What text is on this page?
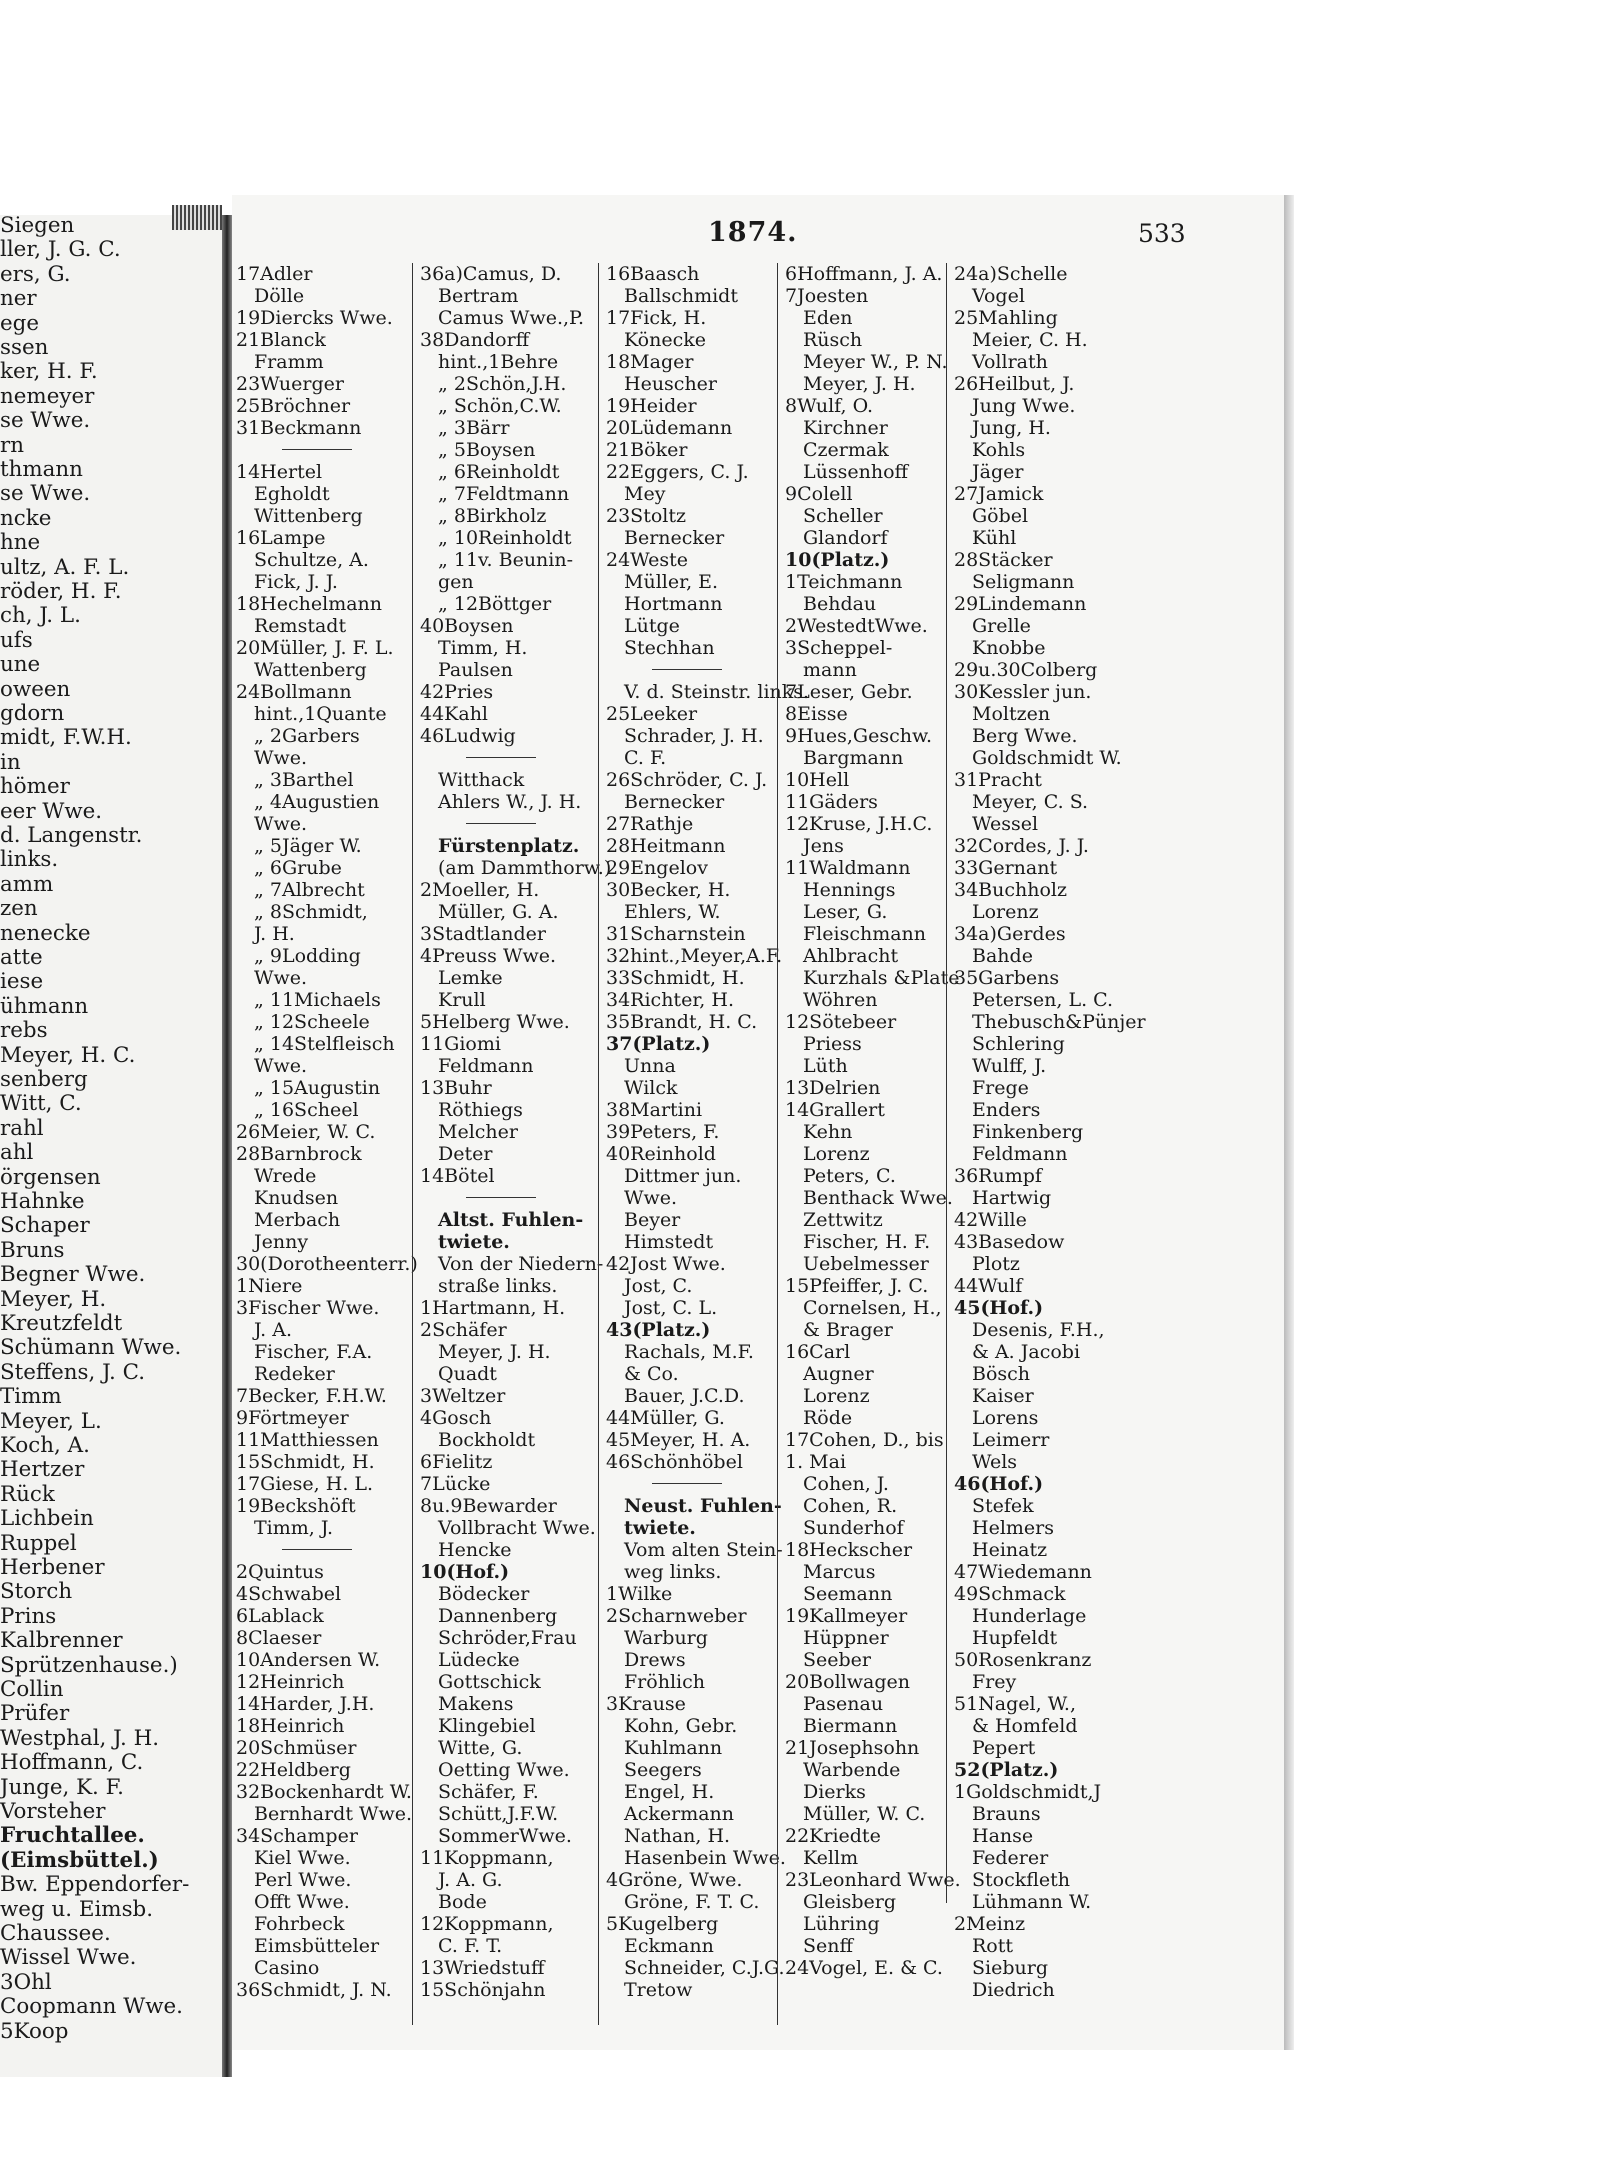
Siegen
ller, J. G. C.
ers, G.
ner
ege
ssen
ker, H. F.
nemeyer
se Wwe.
rn
thmann
se Wwe.
ncke
hne
ultz, A. F. L.
röder, H. F.
ch, J. L.
ufs
une
oween
gdorn
midt, F.W.H.
in
hömer
eer Wwe.
d. Langenstr.
links.
amm
zen
nenecke
atte
iese
ühmann
rebs
Meyer, H. C.
senberg
Witt, C.
rahl
ahl
örgensen
Hahnke
Schaper
Bruns
Begner Wwe.
Meyer, H.
Kreutzfeldt
Schümann Wwe.
Steffens, J. C.
Timm
Meyer, L.
Koch, A.
Hertzer
Rück
Lichbein
Ruppel
Herbener
Storch
Prins
Kalbrenner
Sprützenhause.)
Collin
Prüfer
Westphal, J. H.
Hoffmann, C.
Junge, K. F.
Vorsteher
Fruchtallee.
(Eimsbüttel.)
Bw. Eppendorfer-
weg u. Eimsb.
Chaussee.
Wissel Wwe.
3Ohl
Coopmann Wwe.
5Koop
1874.	533
17Adler
Dölle
19Diercks Wwe.
21Blanck
Framm
23Wuerger
25Bröchner
31Beckmann
14Hertel
Egholdt
Wittenberg
16Lampe
Schultze, A.
Fick, J. J.
18Hechelmann
Remstadt
20Müller, J. F. L.
Wattenberg
24Bollmann
hint.,1Quante
„ 2Garbers
Wwe.
„ 3Barthel
„ 4Augustien
Wwe.
„ 5Jäger W.
„ 6Grube
„ 7Albrecht
„ 8Schmidt,
J. H.
„ 9Lodding
Wwe.
„ 11Michaels
„ 12Scheele
„ 14Stelfleisch
Wwe.
„ 15Augustin
„ 16Scheel
26Meier, W. C.
28Barnbrock
Wrede
Knudsen
Merbach
Jenny
30(Dorotheenterr.)
1Niere
3Fischer Wwe.
J. A.
Fischer, F.A.
Redeker
7Becker, F.H.W.
9Förtmeyer
11Matthiessen
15Schmidt, H.
17Giese, H. L.
19Beckshöft
Timm, J.
2Quintus
4Schwabel
6Lablack
8Claeser
10Andersen W.
12Heinrich
14Harder, J.H.
18Heinrich
20Schmüser
22Heldberg
32Bockenhardt W.
Bernhardt Wwe.
34Schamper
Kiel Wwe.
Perl Wwe.
Offt Wwe.
Fohrbeck
Eimsbütteler
Casino
36Schmidt, J. N.
36a)Camus, D.
Bertram
Camus Wwe.,P.
38Dandorff
hint.,1Behre
„ 2Schön,J.H.
„ Schön,C.W.
„ 3Bärr
„ 5Boysen
„ 6Reinholdt
„ 7Feldtmann
„ 8Birkholz
„ 10Reinholdt
„ 11v. Beunin-
gen
„ 12Böttger
40Boysen
Timm, H.
Paulsen
42Pries
44Kahl
46Ludwig
Witthack
Ahlers W., J. H.
Fürstenplatz.
(am Dammthorw.)
2Moeller, H.
Müller, G. A.
3Stadtlander
4Preuss Wwe.
Lemke
Krull
5Helberg Wwe.
11Giomi
Feldmann
13Buhr
Röthiegs
Melcher
Deter
14Bötel
Altst. Fuhlen-
twiete.
Von der Niedern-
straße links.
1Hartmann, H.
2Schäfer
Meyer, J. H.
Quadt
3Weltzer
4Gosch
Bockholdt
6Fielitz
7Lücke
8u.9Bewarder
Vollbracht Wwe.
Hencke
10(Hof.)
Bödecker
Dannenberg
Schröder,Frau
Lüdecke
Gottschick
Makens
Klingebiel
Witte, G.
Oetting Wwe.
Schäfer, F.
Schütt,J.F.W.
SommerWwe.
11Koppmann,
J. A. G.
Bode
12Koppmann,
C. F. T.
13Wriedstuff
15Schönjahn
16Baasch
Ballschmidt
17Fick, H.
Könecke
18Mager
Heuscher
19Heider
20Lüdemann
21Böker
22Eggers, C. J.
Mey
23Stoltz
Bernecker
24Weste
Müller, E.
Hortmann
Lütge
Stechhan
V. d. Steinstr. links.
25Leeker
Schrader, J. H.
C. F.
26Schröder, C. J.
Bernecker
27Rathje
28Heitmann
29Engelov
30Becker, H.
Ehlers, W.
31Scharnstein
32hint.,Meyer,A.F.
33Schmidt, H.
34Richter, H.
35Brandt, H. C.
37(Platz.)
Unna
Wilck
38Martini
39Peters, F.
40Reinhold
Dittmer jun.
Wwe.
Beyer
Himstedt
42Jost Wwe.
Jost, C.
Jost, C. L.
43(Platz.)
Rachals, M.F.
& Co.
Bauer, J.C.D.
44Müller, G.
45Meyer, H. A.
46Schönhöbel
Neust. Fuhlen-
twiete.
Vom alten Stein-
weg links.
1Wilke
2Scharnweber
Warburg
Drews
Fröhlich
3Krause
Kohn, Gebr.
Kuhlmann
Seegers
Engel, H.
Ackermann
Nathan, H.
Hasenbein Wwe.
4Gröne, Wwe.
Gröne, F. T. C.
5Kugelberg
Eckmann
Schneider, C.J.G.
Tretow
6Hoffmann, J. A.
7Joesten
Eden
Rüsch
Meyer W., P. N.
Meyer, J. H.
8Wulf, O.
Kirchner
Czermak
Lüssenhoff
9Colell
Scheller
Glandorf
10(Platz.)
1Teichmann
Behdau
2WestedtWwe.
3Scheppel-
mann
7Leser, Gebr.
8Eisse
9Hues,Geschw.
Bargmann
10Hell
11Gäders
12Kruse, J.H.C.
Jens
11Waldmann
Hennings
Leser, G.
Fleischmann
Ahlbracht
Kurzhals &Plate
Wöhren
12Sötebeer
Priess
Lüth
13Delrien
14Grallert
Kehn
Lorenz
Peters, C.
Benthack Wwe.
Zettwitz
Fischer, H. F.
Uebelmesser
15Pfeiffer, J. C.
Cornelsen, H.,
& Brager
16Carl
Augner
Lorenz
Röde
17Cohen, D., bis
1. Mai
Cohen, J.
Cohen, R.
Sunderhof
18Heckscher
Marcus
Seemann
19Kallmeyer
Hüppner
Seeber
20Bollwagen
Pasenau
Biermann
21Josephsohn
Warbende
Dierks
Müller, W. C.
22Kriedte
Kellm
23Leonhard Wwe.
Gleisberg
Lühring
Senff
24Vogel, E. & C.
24a)Schelle
Vogel
25Mahling
Meier, C. H.
Vollrath
26Heilbut, J.
Jung Wwe.
Jung, H.
Kohls
Jäger
27Jamick
Göbel
Kühl
28Stäcker
Seligmann
29Lindemann
Grelle
Knobbe
29u.30Colberg
30Kessler jun.
Moltzen
Berg Wwe.
Goldschmidt W.
31Pracht
Meyer, C. S.
Wessel
32Cordes, J. J.
33Gernant
34Buchholz
Lorenz
34a)Gerdes
Bahde
35Garbens
Petersen, L. C.
Thebusch&Pünjer
Schlering
Wulff, J.
Frege
Enders
Finkenberg
Feldmann
36Rumpf
Hartwig
42Wille
43Basedow
Plotz
44Wulf
45(Hof.)
Desenis, F.H.,
& A. Jacobi
Bösch
Kaiser
Lorens
Leimerr
Wels
46(Hof.)
Stefek
Helmers
Heinatz
47Wiedemann
49Schmack
Hunderlage
Hupfeldt
50Rosenkranz
Frey
51Nagel, W.,
& Homfeld
Pepert
52(Platz.)
1Goldschmidt,J
Brauns
Hanse
Federer
Stockfleth
Lühmann W.
2Meinz
Rott
Sieburg
Diedrich
